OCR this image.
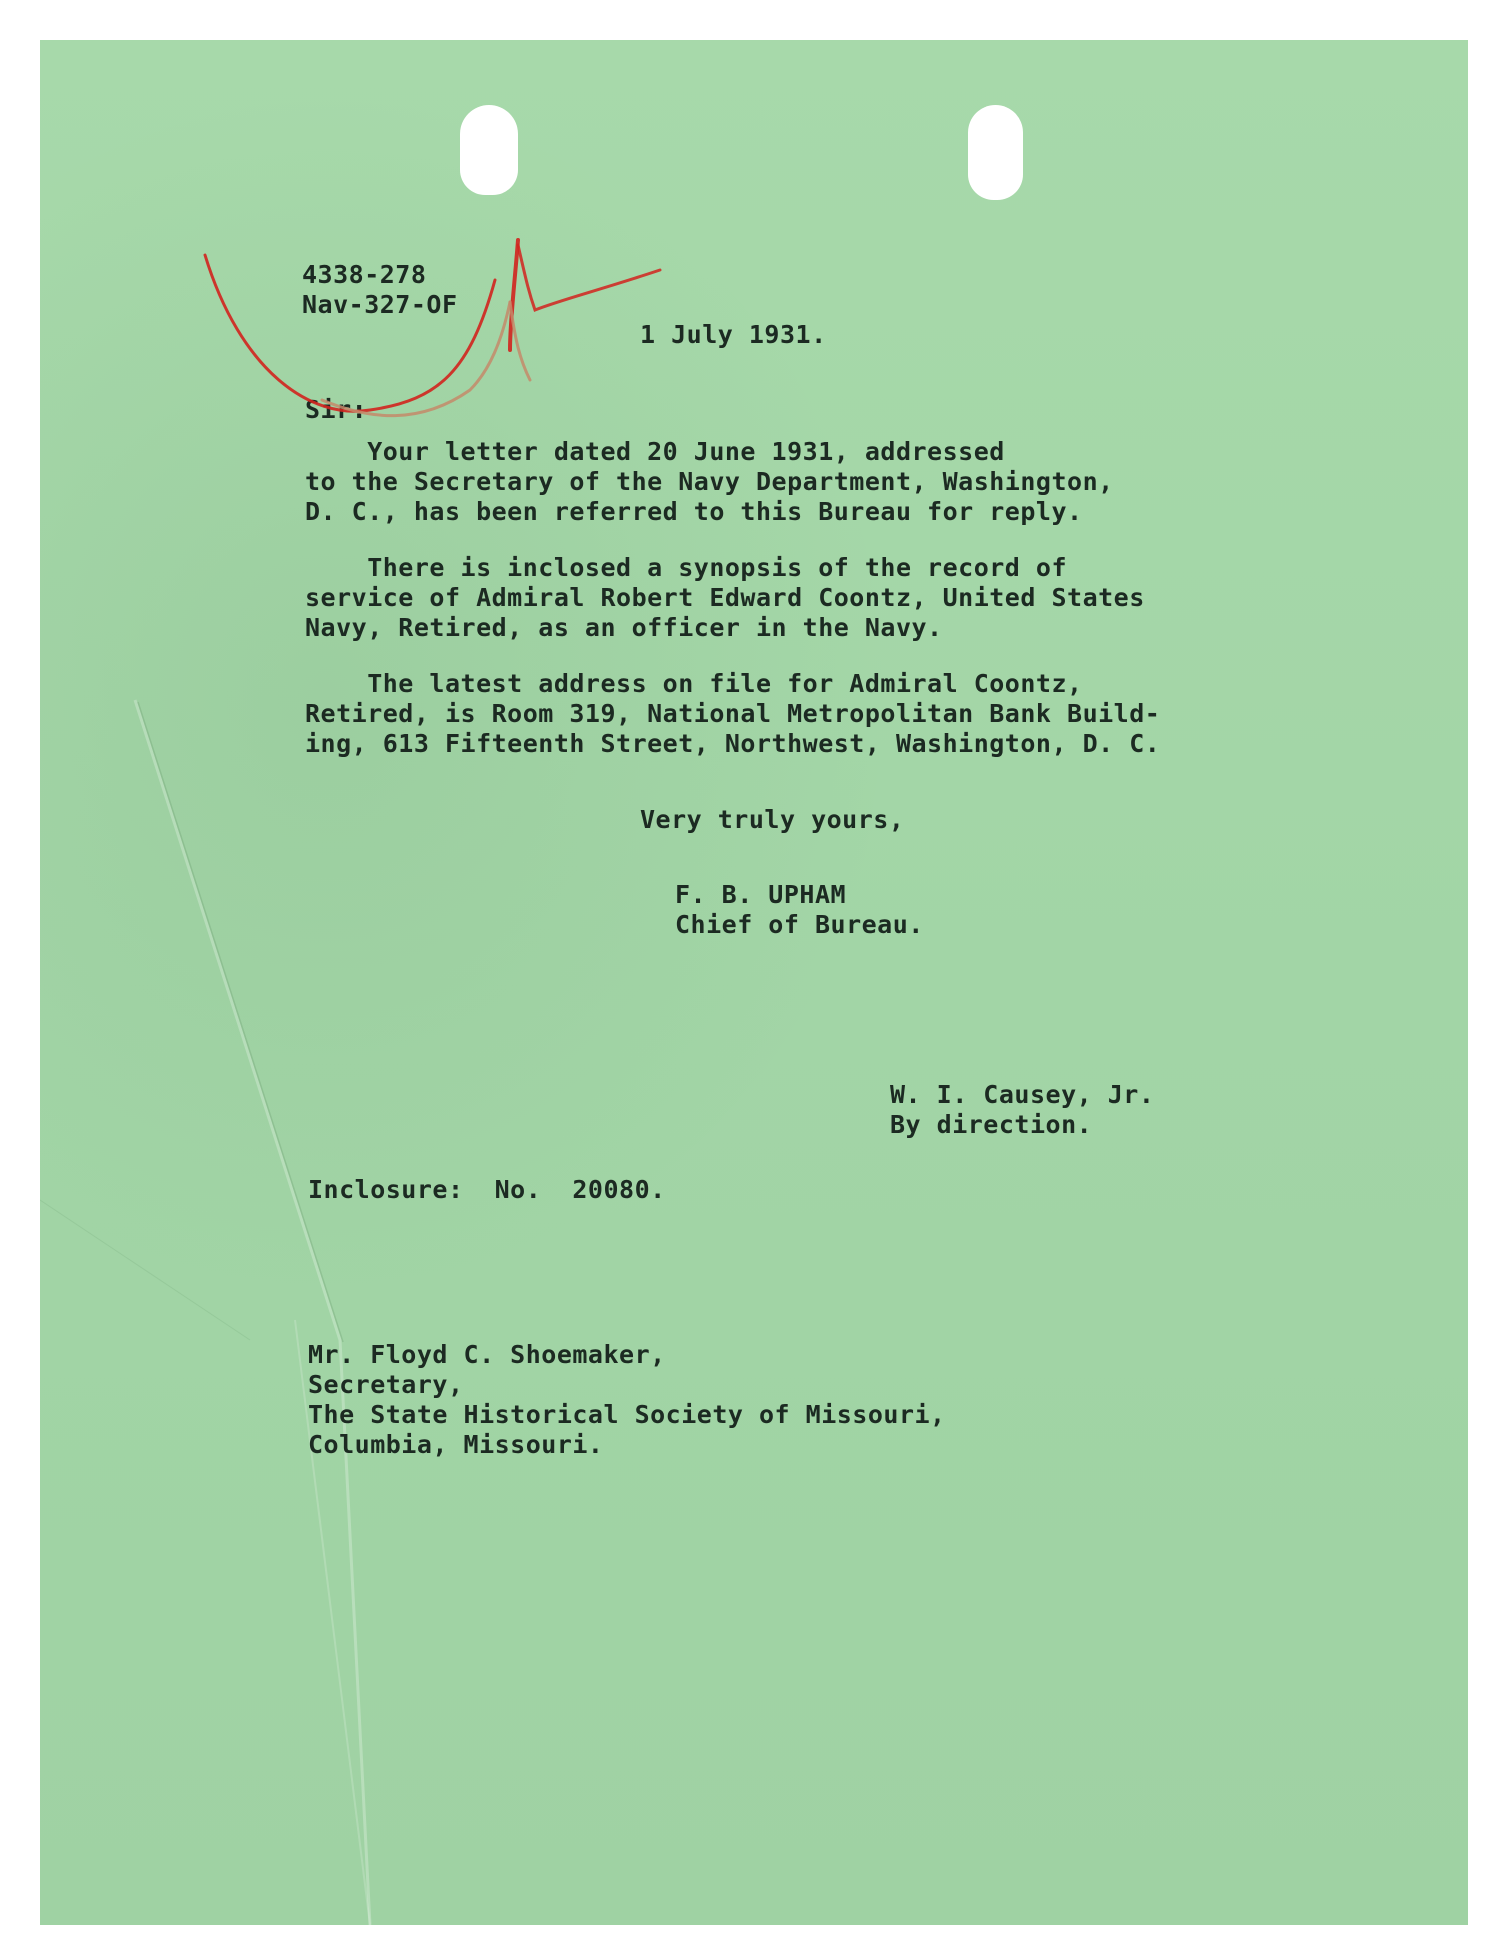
4338-278
Nav-327-OF
1 July 1931.
Sir:
Your letter dated 20 June 1931, addressed
to the Secretary of the Navy Department, Washington,
D. C., has been referred to this Bureau for reply.
There is inclosed a synopsis of the record of
service of Admiral Robert Edward Coontz, United States
Navy, Retired, as an officer in the Navy.
The latest address on file for Admiral Coontz,
Retired, is Room 319, National Metropolitan Bank Build-
ing, 613 Fifteenth Street, Northwest, Washington, D. C.
Very truly yours,
F. B. UPHAM
Chief of Bureau.
W. I. Causey, Jr.
By direction.
Inclosure:  No.  20080.
Mr. Floyd C. Shoemaker,
Secretary,
The State Historical Society of Missouri,
Columbia, Missouri.
